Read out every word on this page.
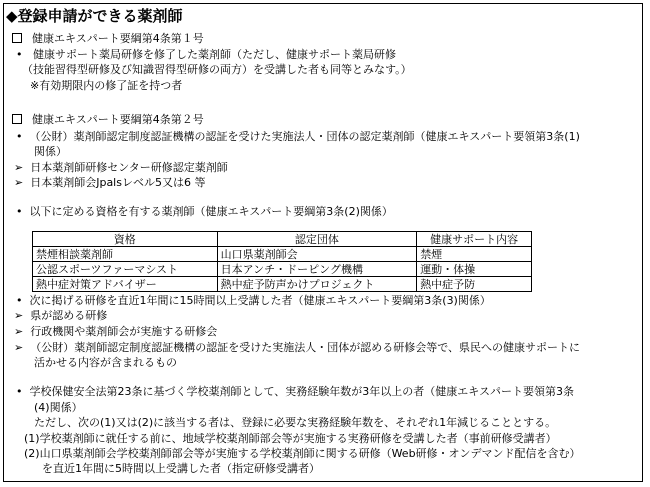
◆登録申請ができる薬剤師
健康エキスパート要綱第4条第１号
• 健康サポート薬局研修を修了した薬剤師（ただし、健康サポート薬局研修
（技能習得型研修及び知識習得型研修の両方）を受講した者も同等とみなす。）
※有効期限内の修了証を持つ者
健康エキスパート要綱第4条第２号
• （公財）薬剤師認定制度認証機構の認証を受けた実施法人・団体の認定薬剤師（健康エキスパート要領第3条(1)
関係）
➢ 日本薬剤師研修センター研修認定薬剤師
➢ 日本薬剤師会Jpalsレベル5又は6 等
• 以下に定める資格を有する薬剤師（健康エキスパート要綱第3条(2)関係）
資格	認定団体	健康サポート内容
禁煙相談薬剤師	山口県薬剤師会	禁煙
公認スポーツファーマシスト	日本アンチ・ドーピング機構	運動・体操
熱中症対策アドバイザー	熱中症予防声かけプロジェクト	熱中症予防
• 次に掲げる研修を直近1年間に15時間以上受講した者（健康エキスパート要綱第3条(3)関係）
➢ 県が認める研修
➢ 行政機関や薬剤師会が実施する研修会
➢ （公財）薬剤師認定制度認証機構の認証を受けた実施法人・団体が認める研修会等で、県民への健康サポートに
活かせる内容が含まれるもの
• 学校保健安全法第23条に基づく学校薬剤師として、実務経験年数が3年以上の者（健康エキスパート要領第3条
(4)関係）
ただし、次の(1)又は(2)に該当する者は、登録に必要な実務経験年数を、それぞれ1年減じることとする。
(1)学校薬剤師に就任する前に、地域学校薬剤師部会等が実施する実務研修を受講した者（事前研修受講者）
(2)山口県薬剤師会学校薬剤師部会等が実施する学校薬剤師に関する研修（Web研修・オンデマンド配信を含む）
を直近1年間に5時間以上受講した者（指定研修受講者）
